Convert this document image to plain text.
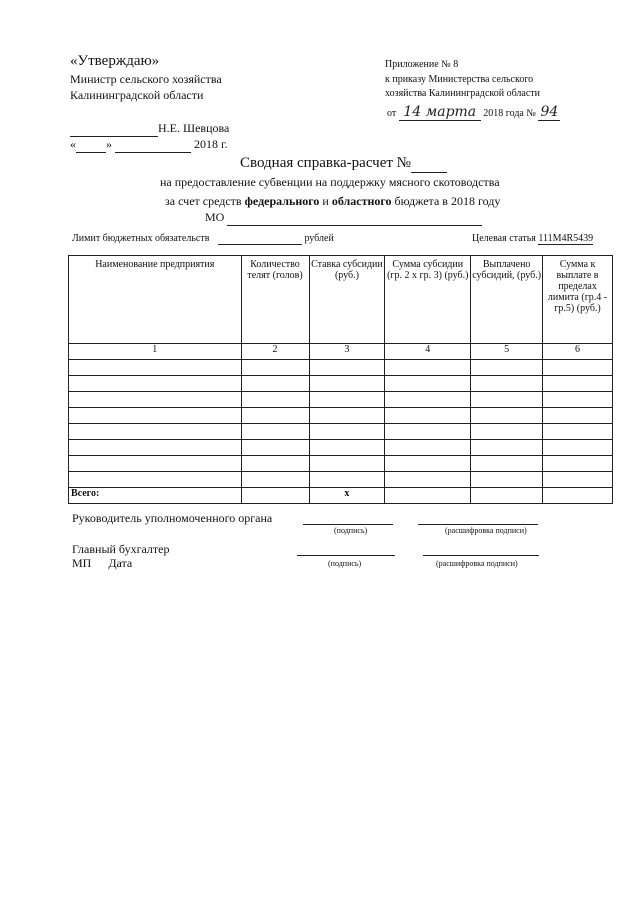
«Утверждаю»
Министр сельского хозяйства
Калининградской области
Н.Е. Шевцова
«	»	2018 г.
Приложение № 8
к приказу Министерства сельского
хозяйства Калининградской области
от 14 марта 2018 года № 94
Сводная справка-расчет №
на предоставление субвенции на поддержку мясного скотоводства
за счет средств федерального и областного бюджета в 2018 году
МО
Лимит бюджетных обязательств	рублей	Целевая статья 111M4R5439
Наименование предприятия	Количество телят (голов)	Ставка субсидии (руб.)	Сумма субсидии (гр. 2 х гр. 3) (руб.)	Выплачено субсидий, (руб.)	Сумма к выплате в пределах лимита (гр.4 - гр.5) (руб.)
1	2	3	4	5	6

Всего:		х			
Руководитель уполномоченного органа
(подпись)	(расшифровка подписи)
Главный бухгалтер
МП Дата	(подпись)	(расшифровка подписи)
